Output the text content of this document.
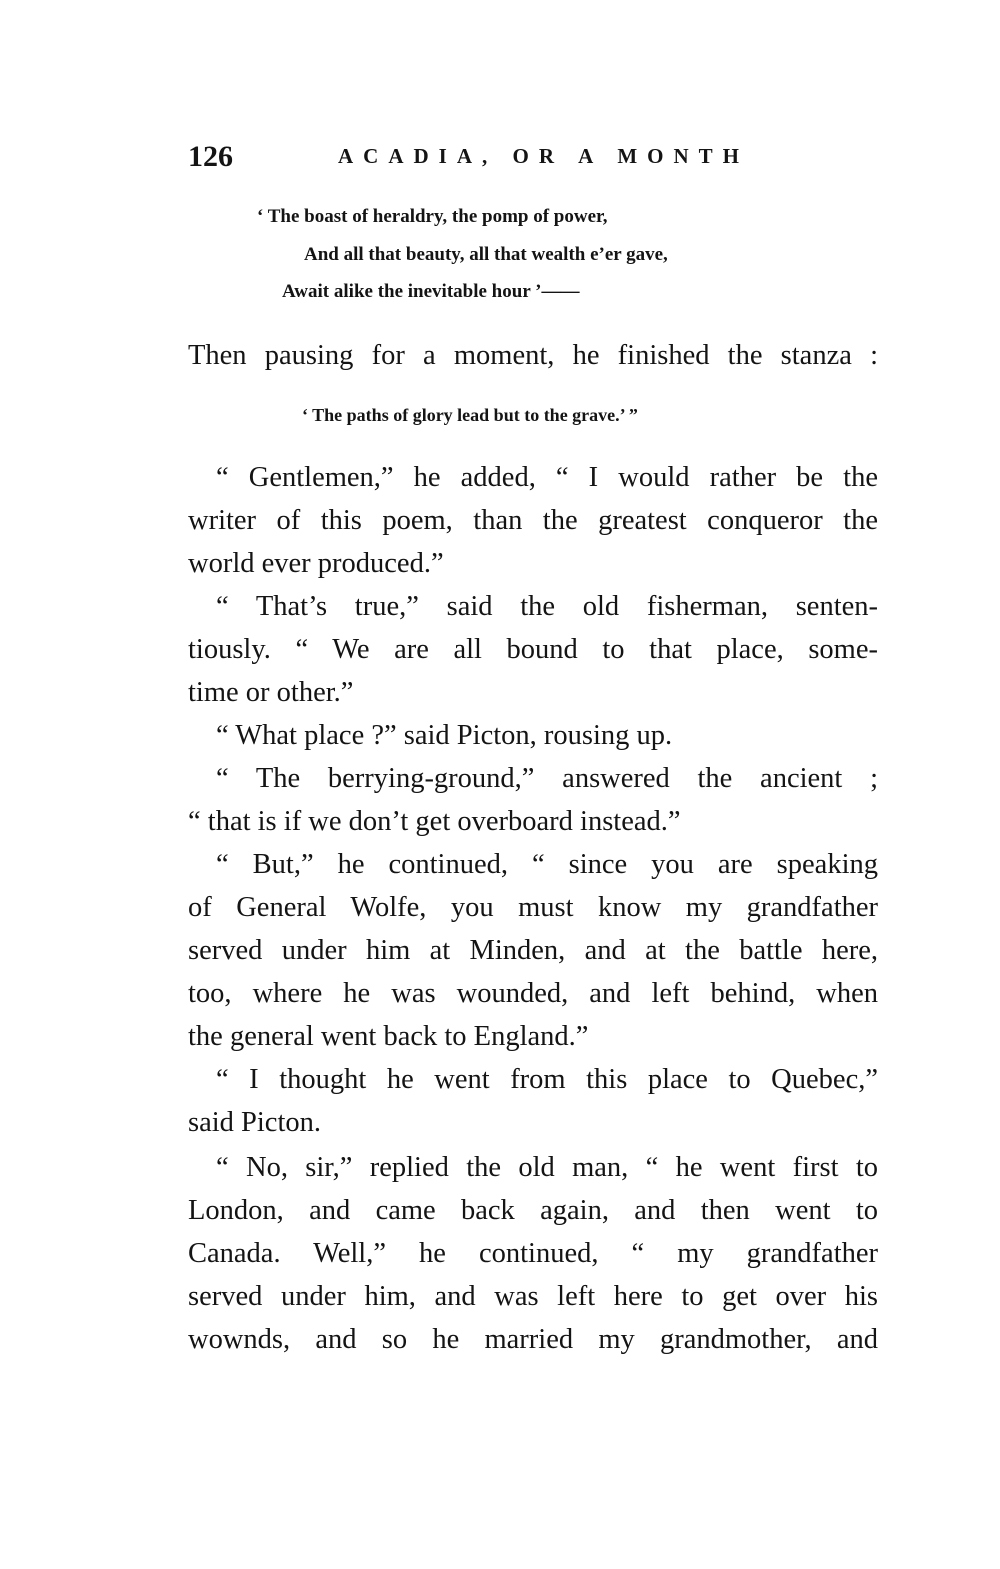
126	ACADIA, OR A MONTH
‘ The boast of heraldry, the pomp of power,
And all that beauty, all that wealth e’er gave,
Await alike the inevitable hour ’——
Then pausing for a moment, he finished the stanza :
‘ The paths of glory lead but to the grave.’ ”
“ Gentlemen,” he added, “ I would rather be the
writer of this poem, than the greatest conqueror the
world ever produced.”
“ That’s true,” said the old fisherman, senten-
tiously. “ We are all bound to that place, some-
time or other.”
“ What place ?” said Picton, rousing up.
“ The berrying-ground,” answered the ancient ;
“ that is if we don’t get overboard instead.”
“ But,” he continued, “ since you are speaking
of General Wolfe, you must know my grandfather
served under him at Minden, and at the battle here,
too, where he was wounded, and left behind, when
the general went back to England.”
“ I thought he went from this place to Quebec,”
said Picton.
“ No, sir,” replied the old man, “ he went first to
London, and came back again, and then went to
Canada. Well,” he continued, “ my grandfather
served under him, and was left here to get over his
wownds, and so he married my grandmother, and
